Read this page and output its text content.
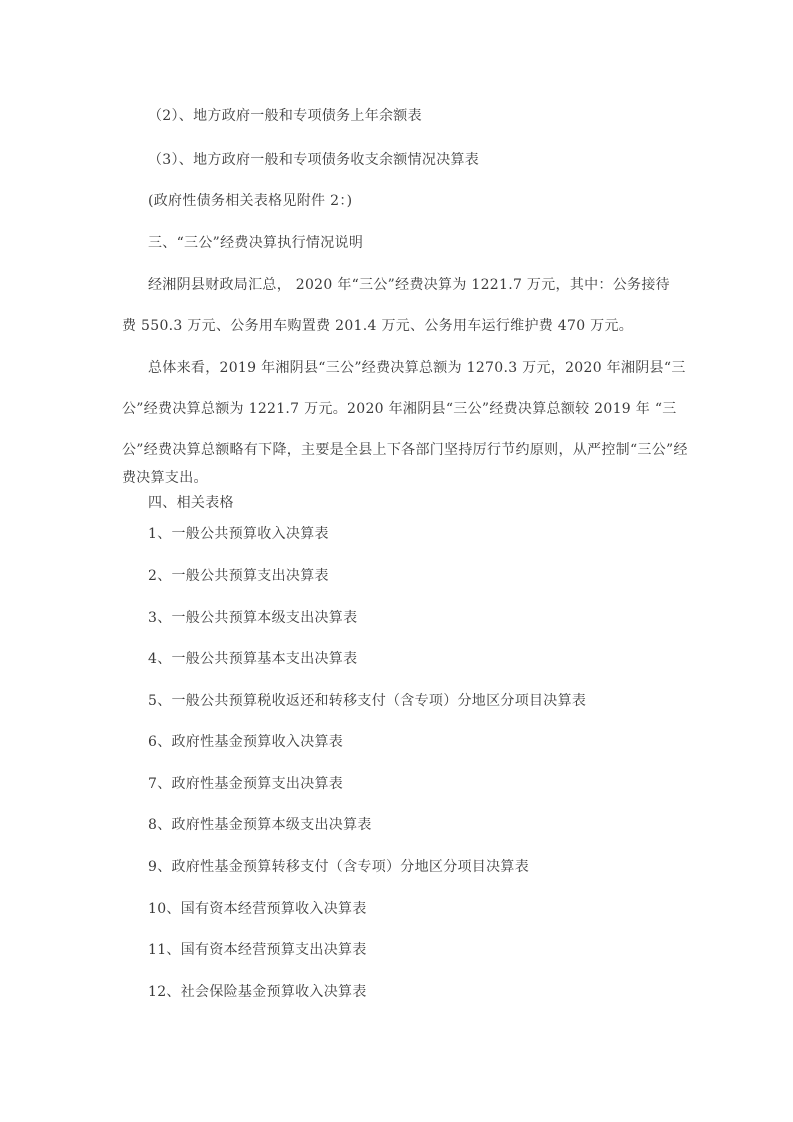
（2）、地方政府一般和专项债务上年余额表
（3）、地方政府一般和专项债务收支余额情况决算表
(政府性债务相关表格见附件 2：)
三、“三公”经费决算执行情况说明
经湘阴县财政局汇总， 2020 年“三公”经费决算为 1221.7 万元，其中：公务接待
费 550.3 万元、公务用车购置费 201.4 万元、公务用车运行维护费 470 万元。
总体来看，2019 年湘阴县“三公”经费决算总额为 1270.3 万元，2020 年湘阴县“三
公”经费决算总额为 1221.7 万元。2020 年湘阴县“三公”经费决算总额较 2019 年 “三
公”经费决算总额略有下降，主要是全县上下各部门坚持厉行节约原则，从严控制“三公”经
费决算支出。
四、相关表格
1、一般公共预算收入决算表
2、一般公共预算支出决算表
3、一般公共预算本级支出决算表
4、一般公共预算基本支出决算表
5、一般公共预算税收返还和转移支付（含专项）分地区分项目决算表
6、政府性基金预算收入决算表
7、政府性基金预算支出决算表
8、政府性基金预算本级支出决算表
9、政府性基金预算转移支付（含专项）分地区分项目决算表
10、国有资本经营预算收入决算表
11、国有资本经营预算支出决算表
12、社会保险基金预算收入决算表
